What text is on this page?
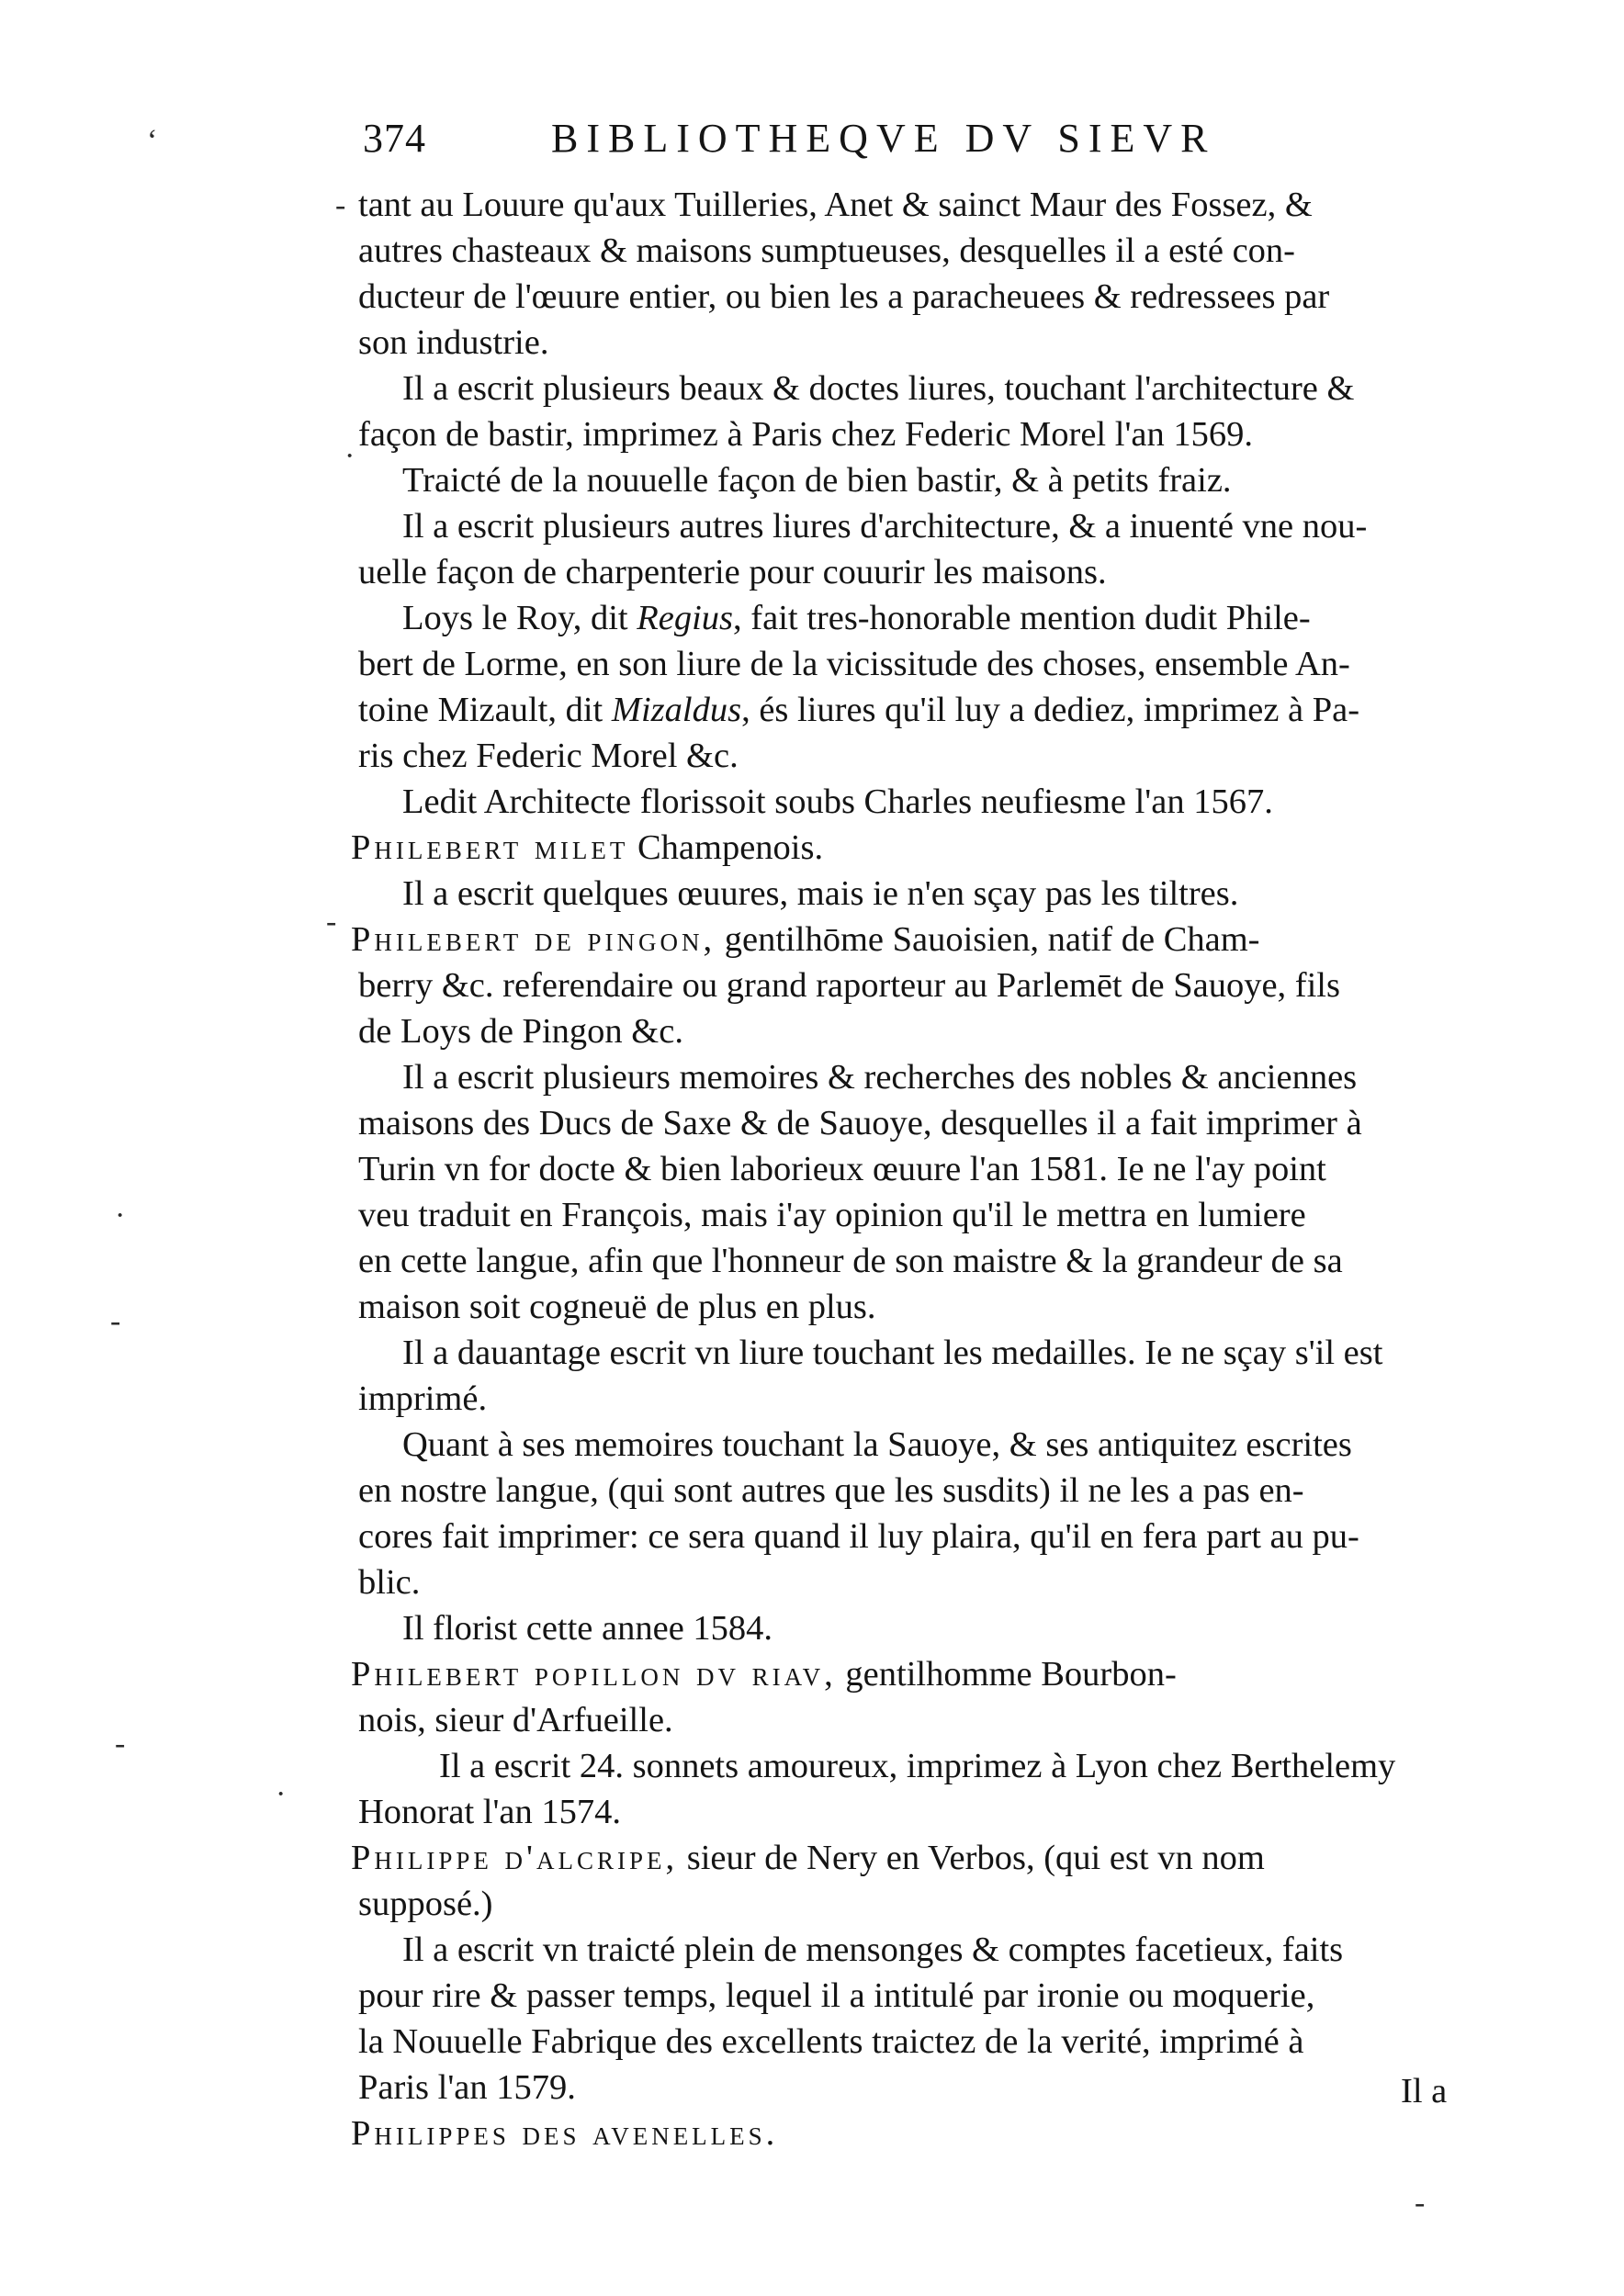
374	BIBLIOTHEQVE DV SIEVR
tant au Louure qu'aux Tuilleries, Anet & sainct Maur des Fossez, &
autres chasteaux & maisons sumptueuses, desquelles il a esté con-
ducteur de l'œuure entier, ou bien les a paracheuees & redressees par
son industrie.
Il a escrit plusieurs beaux & doctes liures, touchant l'architecture &
façon de bastir, imprimez à Paris chez Federic Morel l'an 1569.
Traicté de la nouuelle façon de bien bastir, & à petits fraiz.
Il a escrit plusieurs autres liures d'architecture, & a inuenté vne nou-
uelle façon de charpenterie pour couurir les maisons.
Loys le Roy, dit Regius, fait tres-honorable mention dudit Phile-
bert de Lorme, en son liure de la vicissitude des choses, ensemble An-
toine Mizault, dit Mizaldus, és liures qu'il luy a dediez, imprimez à Pa-
ris chez Federic Morel &c.
Ledit Architecte florissoit soubs Charles neufiesme l'an 1567.
Philebert milet Champenois.
Il a escrit quelques œuures, mais ie n'en sçay pas les tiltres.
Philebert de pingon, gentilhōme Sauoisien, natif de Cham-
berry &c. referendaire ou grand raporteur au Parlemēt de Sauoye, fils
de Loys de Pingon &c.
Il a escrit plusieurs memoires & recherches des nobles & anciennes
maisons des Ducs de Saxe & de Sauoye, desquelles il a fait imprimer à
Turin vn for docte & bien laborieux œuure l'an 1581. Ie ne l'ay point
veu traduit en François, mais i'ay opinion qu'il le mettra en lumiere
en cette langue, afin que l'honneur de son maistre & la grandeur de sa
maison soit cogneuë de plus en plus.
Il a dauantage escrit vn liure touchant les medailles. Ie ne sçay s'il est
imprimé.
Quant à ses memoires touchant la Sauoye, & ses antiquitez escrites
en nostre langue, (qui sont autres que les susdits) il ne les a pas en-
cores fait imprimer: ce sera quand il luy plaira, qu'il en fera part au pu-
blic.
Il florist cette annee 1584.
Philebert popillon dv riav, gentilhomme Bourbon-
nois, sieur d'Arfueille.
Il a escrit 24. sonnets amoureux, imprimez à Lyon chez Berthelemy
Honorat l'an 1574.
Philippe d'alcripe, sieur de Nery en Verbos, (qui est vn nom
supposé.)
Il a escrit vn traicté plein de mensonges & comptes facetieux, faits
pour rire & passer temps, lequel il a intitulé par ironie ou moquerie,
la Nouuelle Fabrique des excellents traictez de la verité, imprimé à
Paris l'an 1579.
Philippes des avenelles.
Il a
‘
-
·
-
·
-
·
-
-
